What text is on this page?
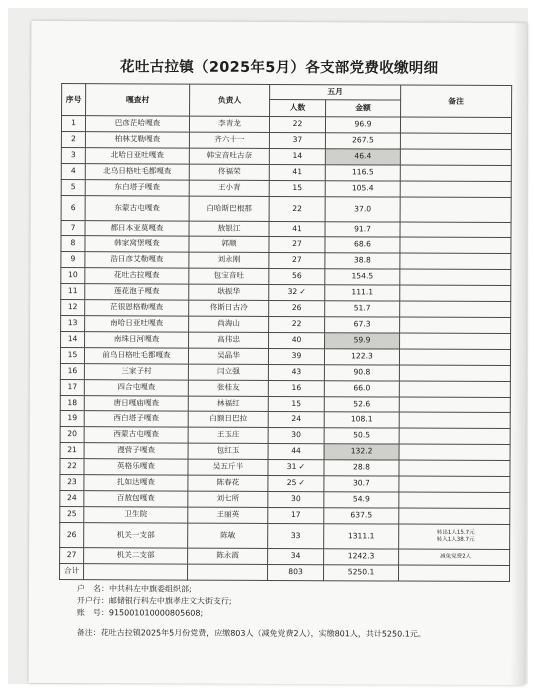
花吐古拉镇（2025年5月）各支部党费收缴明细
序号	嘎查村	负责人	五月		备注
			人数	金额	
1	巴彦茫哈嘎查	李青龙	22	96.9	
2	柏林艾勒嘎查	齐六十一	37	267.5	
3	北哈日亚吐嘎查	韩宝音吐古奈	14	46.4	
4	北乌日格吐毛都嘎查	佟福荣	41	116.5	
5	东白塔子嘎查	王小青	15	105.4	
6	东蒙古屯嘎查	白哈斯巴根那	22	37.0	
7	都日本亚莫嘎查	敖银江	41	91.7	
8	韩家窝堡嘎查	郭顺	27	68.6	
9	浩日彦艾勒嘎查	刘永刚	27	38.8	
10	花吐古拉嘎查	包宝音吐	56	154.5	
11	莲花泡子嘎查	耿振华	32 ✓	111.1	
12	茫很恩格勒嘎查	佟斯日古冷	26	51.7	
13	南哈日亚吐嘎查	尚海山	22	67.3	
14	南珠日河嘎查	高伟忠	40	59.9	
15	前乌日格吐毛都嘎查	吴晶华	39	122.3	
16	三家子村	闫立强	43	90.8	
17	四合屯嘎查	张桂友	16	66.0	
18	唐日嘎庙嘎查	林福红	15	52.6	
19	西白塔子嘎查	白额日巴拉	24	108.1	
20	西蒙古屯嘎查	王玉庄	30	50.5	
21	漫营子嘎查	包红玉	44	132.2	
22	英格乐嘎查	吴五斤半	31 ✓	28.8	
23	扎如达嘎查	陈春花	25 ✓	30.7	
24	百敖包嘎查	刘七所	30	54.9	
25	卫生院	王丽英	17	637.5	
26	机关一支部	陈敏	33	1311.1	转出1人15.7元
转入1人38.7元

27	机关二支部	陈永霞	34	1242.3	减免党费2人

合计			803	5250.1	
户　名：中共科左中旗委组织部;
开户行：邮储银行科左中旗孝庄文大街支行;
账　号：915001010000805608;
备注：花吐古拉镇2025年5月份党费，应缴803人（减免党费2人），实缴801人，共计5250.1元。
